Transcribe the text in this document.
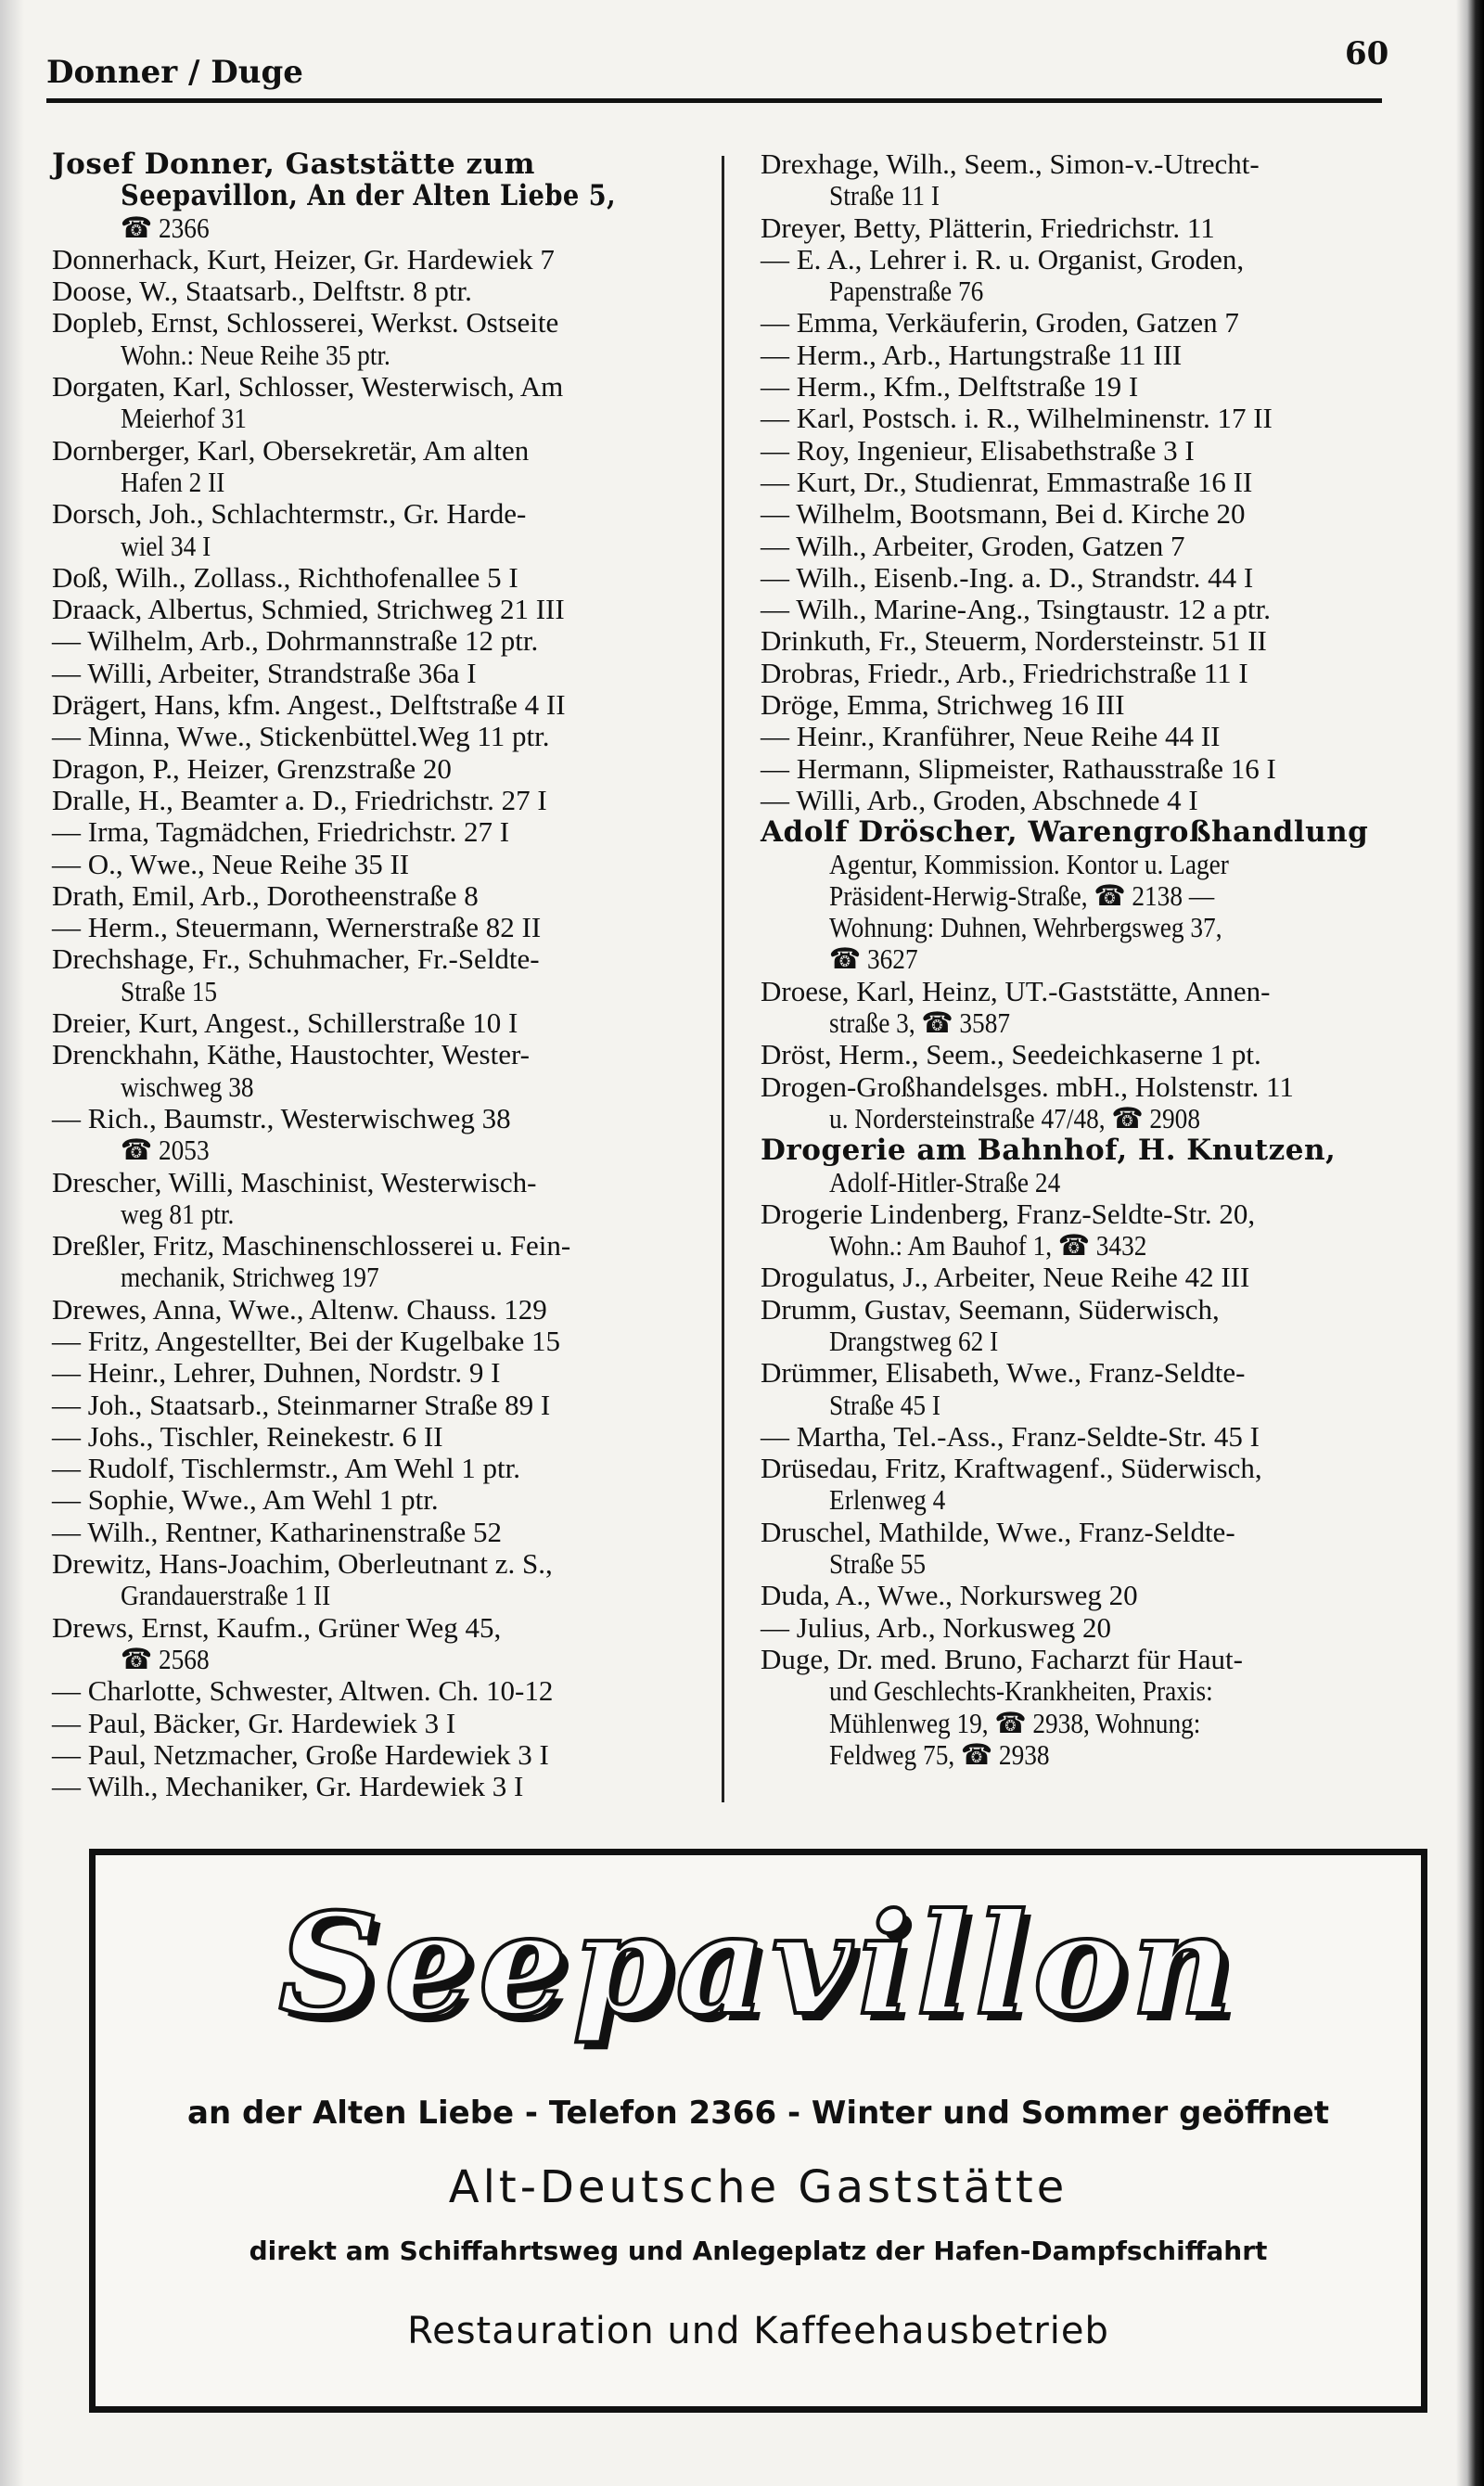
Donner / Duge	60
Josef Donner, Gaststätte zum
Seepavillon, An der Alten Liebe 5,
☎ 2366
Donnerhack, Kurt, Heizer, Gr. Hardewiek 7
Doose, W., Staatsarb., Delftstr. 8 ptr.
Dopleb, Ernst, Schlosserei, Werkst. Ostseite
Wohn.: Neue Reihe 35 ptr.
Dorgaten, Karl, Schlosser, Westerwisch, Am
Meierhof 31
Dornberger, Karl, Obersekretär, Am alten
Hafen 2 II
Dorsch, Joh., Schlachtermstr., Gr. Harde-
wiel 34 I
Doß, Wilh., Zollass., Richthofenallee 5 I
Draack, Albertus, Schmied, Strichweg 21 III
— Wilhelm, Arb., Dohrmannstraße 12 ptr.
— Willi, Arbeiter, Strandstraße 36a I
Drägert, Hans, kfm. Angest., Delftstraße 4 II
— Minna, Wwe., Stickenbüttel.Weg 11 ptr.
Dragon, P., Heizer, Grenzstraße 20
Dralle, H., Beamter a. D., Friedrichstr. 27 I
— Irma, Tagmädchen, Friedrichstr. 27 I
— O., Wwe., Neue Reihe 35 II
Drath, Emil, Arb., Dorotheenstraße 8
— Herm., Steuermann, Wernerstraße 82 II
Drechshage, Fr., Schuhmacher, Fr.-Seldte-
Straße 15
Dreier, Kurt, Angest., Schillerstraße 10 I
Drenckhahn, Käthe, Haustochter, Wester-
wischweg 38
— Rich., Baumstr., Westerwischweg 38
☎ 2053
Drescher, Willi, Maschinist, Westerwisch-
weg 81 ptr.
Dreßler, Fritz, Maschinenschlosserei u. Fein-
mechanik, Strichweg 197
Drewes, Anna, Wwe., Altenw. Chauss. 129
— Fritz, Angestellter, Bei der Kugelbake 15
— Heinr., Lehrer, Duhnen, Nordstr. 9 I
— Joh., Staatsarb., Steinmarner Straße 89 I
— Johs., Tischler, Reinekestr. 6 II
— Rudolf, Tischlermstr., Am Wehl 1 ptr.
— Sophie, Wwe., Am Wehl 1 ptr.
— Wilh., Rentner, Katharinenstraße 52
Drewitz, Hans-Joachim, Oberleutnant z. S.,
Grandauerstraße 1 II
Drews, Ernst, Kaufm., Grüner Weg 45,
☎ 2568
— Charlotte, Schwester, Altwen. Ch. 10-12
— Paul, Bäcker, Gr. Hardewiek 3 I
— Paul, Netzmacher, Große Hardewiek 3 I
— Wilh., Mechaniker, Gr. Hardewiek 3 I
Drexhage, Wilh., Seem., Simon-v.-Utrecht-
Straße 11 I
Dreyer, Betty, Plätterin, Friedrichstr. 11
— E. A., Lehrer i. R. u. Organist, Groden,
Papenstraße 76
— Emma, Verkäuferin, Groden, Gatzen 7
— Herm., Arb., Hartungstraße 11 III
— Herm., Kfm., Delftstraße 19 I
— Karl, Postsch. i. R., Wilhelminenstr. 17 II
— Roy, Ingenieur, Elisabethstraße 3 I
— Kurt, Dr., Studienrat, Emmastraße 16 II
— Wilhelm, Bootsmann, Bei d. Kirche 20
— Wilh., Arbeiter, Groden, Gatzen 7
— Wilh., Eisenb.-Ing. a. D., Strandstr. 44 I
— Wilh., Marine-Ang., Tsingtaustr. 12 a ptr.
Drinkuth, Fr., Steuerm, Nordersteinstr. 51 II
Drobras, Friedr., Arb., Friedrichstraße 11 I
Dröge, Emma, Strichweg 16 III
— Heinr., Kranführer, Neue Reihe 44 II
— Hermann, Slipmeister, Rathausstraße 16 I
— Willi, Arb., Groden, Abschnede 4 I
Adolf Dröscher, Warengroßhandlung
Agentur, Kommission. Kontor u. Lager
Präsident-Herwig-Straße, ☎ 2138 —
Wohnung: Duhnen, Wehrbergsweg 37,
☎ 3627
Droese, Karl, Heinz, UT.-Gaststätte, Annen-
straße 3, ☎ 3587
Dröst, Herm., Seem., Seedeichkaserne 1 pt.
Drogen-Großhandelsges. mbH., Holstenstr. 11
u. Nordersteinstraße 47/48, ☎ 2908
Drogerie am Bahnhof, H. Knutzen,
Adolf-Hitler-Straße 24
Drogerie Lindenberg, Franz-Seldte-Str. 20,
Wohn.: Am Bauhof 1, ☎ 3432
Drogulatus, J., Arbeiter, Neue Reihe 42 III
Drumm, Gustav, Seemann, Süderwisch,
Drangstweg 62 I
Drümmer, Elisabeth, Wwe., Franz-Seldte-
Straße 45 I
— Martha, Tel.-Ass., Franz-Seldte-Str. 45 I
Drüsedau, Fritz, Kraftwagenf., Süderwisch,
Erlenweg 4
Druschel, Mathilde, Wwe., Franz-Seldte-
Straße 55
Duda, A., Wwe., Norkursweg 20
— Julius, Arb., Norkusweg 20
Duge, Dr. med. Bruno, Facharzt für Haut-
und Geschlechts-Krankheiten, Praxis:
Mühlenweg 19, ☎ 2938, Wohnung:
Feldweg 75, ☎ 2938
Seepavillon
an der Alten Liebe - Telefon 2366 - Winter und Sommer geöffnet
Alt-Deutsche Gaststätte
direkt am Schiffahrtsweg und Anlegeplatz der Hafen-Dampfschiffahrt
Restauration und Kaffeehausbetrieb
